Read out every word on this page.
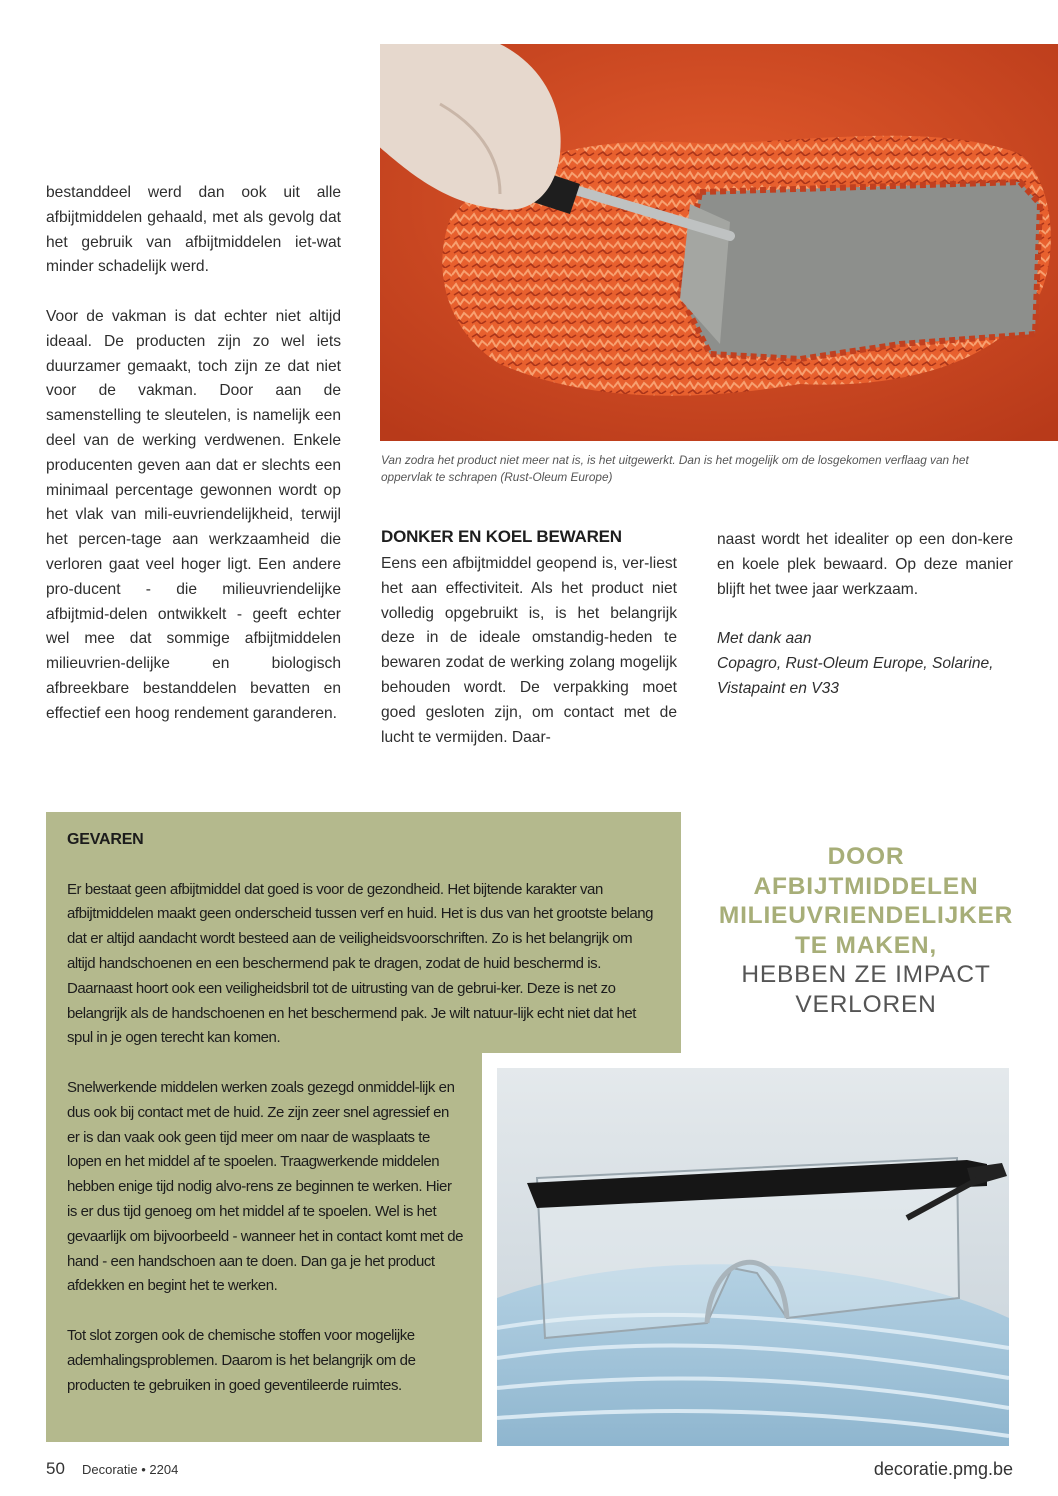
bestanddeel werd dan ook uit alle afbijtmiddelen gehaald, met als gevolg dat het gebruik van afbijtmiddelen iet-wat minder schadelijk werd.

Voor de vakman is dat echter niet altijd ideaal. De producten zijn zo wel iets duurzamer gemaakt, toch zijn ze dat niet voor de vakman. Door aan de samenstelling te sleutelen, is namelijk een deel van de werking verdwenen. Enkele producenten geven aan dat er slechts een minimaal percentage gewonnen wordt op het vlak van mili-euvriendelijkheid, terwijl het percen-tage aan werkzaamheid die verloren gaat veel hoger ligt. Een andere pro-ducent - die milieuvriendelijke afbijtmid-delen ontwikkelt - geeft echter wel mee dat sommige afbijtmiddelen milieuvrien-delijke en biologisch afbreekbare bestanddelen bevatten en effectief een hoog rendement garanderen.

Van zodra het product niet meer nat is, is het uitgewerkt. Dan is het mogelijk om de losgekomen verflaag van het oppervlak te schrapen (Rust-Oleum Europe)
DONKER EN KOEL BEWAREN

Eens een afbijtmiddel geopend is, ver-liest het aan effectiviteit. Als het product niet volledig opgebruikt is, is het belangrijk deze in de ideale omstandig-heden te bewaren zodat de werking zolang mogelijk behouden wordt. De verpakking moet goed gesloten zijn, om contact met de lucht te vermijden. Daar-

naast wordt het idealiter op een don-kere en koele plek bewaard. Op deze manier blijft het twee jaar werkzaam.

Met dank aan
Copagro, Rust-Oleum Europe, Solarine, Vistapaint en V33

GEVAREN

Er bestaat geen afbijtmiddel dat goed is voor de gezondheid. Het bijtende karakter van afbijtmiddelen maakt geen onderscheid tussen verf en huid. Het is dus van het grootste belang dat er altijd aandacht wordt besteed aan de veiligheidsvoorschriften. Zo is het belangrijk om altijd handschoenen en een beschermend pak te dragen, zodat de huid beschermd is. Daarnaast hoort ook een veiligheidsbril tot de uitrusting van de gebrui-ker. Deze is net zo belangrijk als de handschoenen en het beschermend pak. Je wilt natuur-lijk echt niet dat het spul in je ogen terecht kan komen.

Snelwerkende middelen werken zoals gezegd onmiddel-lijk en dus ook bij contact met de huid. Ze zijn zeer snel agressief en er is dan vaak ook geen tijd meer om naar de wasplaats te lopen en het middel af te spoelen. Traagwerkende middelen hebben enige tijd nodig alvo-rens ze beginnen te werken. Hier is er dus tijd genoeg om het middel af te spoelen. Wel is het gevaarlijk om bijvoorbeeld - wanneer het in contact komt met de hand - een handschoen aan te doen. Dan ga je het product afdekken en begint het te werken.

Tot slot zorgen ook de chemische stoffen voor mogelijke ademhalingsproblemen. Daarom is het belangrijk om de producten te gebruiken in goed geventileerde ruimtes.

DOOR
AFBIJTMIDDELEN
MILIEUVRIENDELIJKER
TE MAKEN,
HEBBEN ZE IMPACT
VERLOREN
50 Decoratie • 2204	decoratie.pmg.be
